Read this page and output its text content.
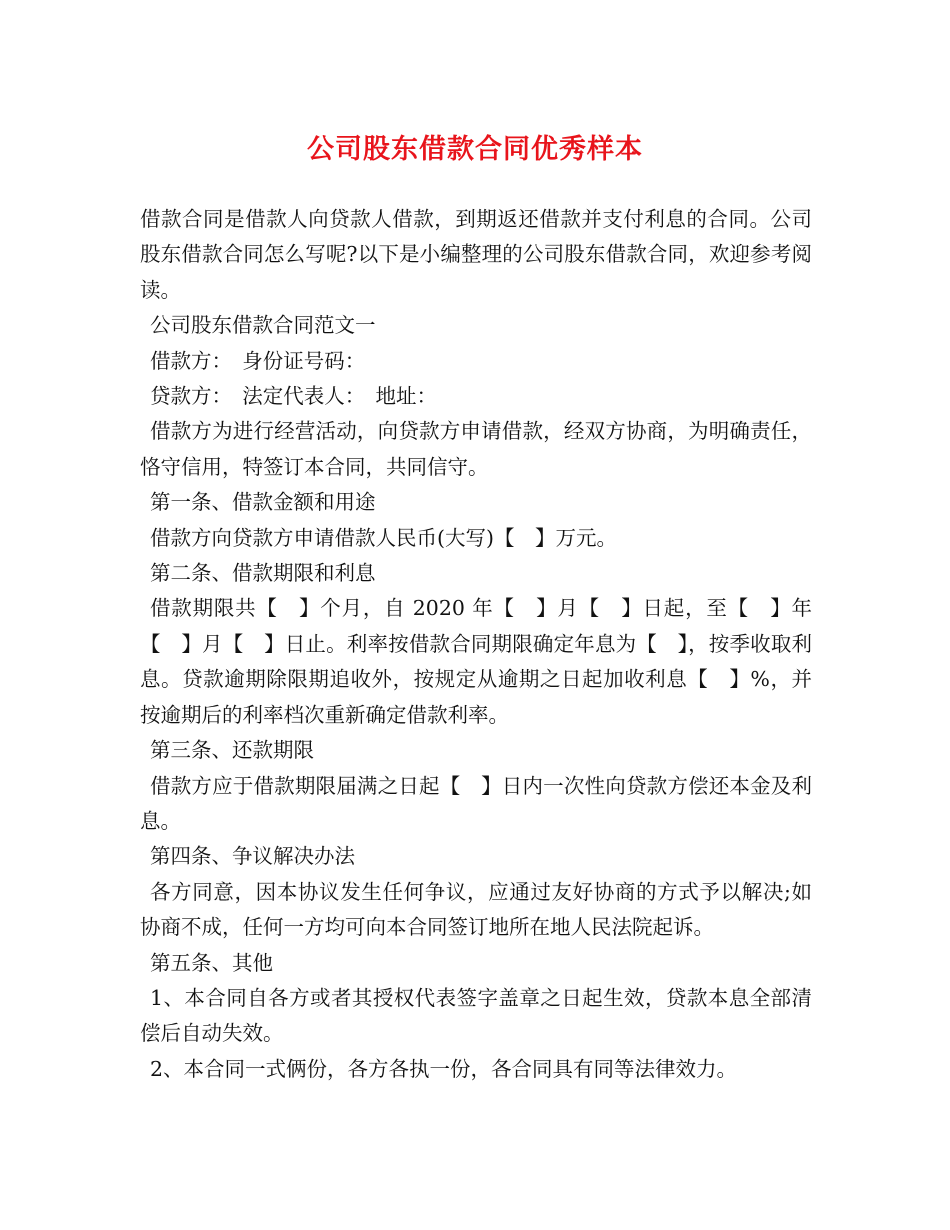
公司股东借款合同优秀样本

借款合同是借款人向贷款人借款，到期返还借款并支付利息的合同。公司股东借款合同怎么写呢?以下是小编整理的公司股东借款合同，欢迎参考阅读。

公司股东借款合同范文一

借款方：　身份证号码：

贷款方：　法定代表人：　地址：

借款方为进行经营活动，向贷款方申请借款，经双方协商，为明确责任，恪守信用，特签订本合同，共同信守。

第一条、借款金额和用途

借款方向贷款方申请借款人民币(大写)【　】万元。

第二条、借款期限和利息

借款期限共【　】个月，自 2020 年【　】月【　】日起，至【　】年【　】月【　】日止。利率按借款合同期限确定年息为【　】，按季收取利息。贷款逾期除限期追收外，按规定从逾期之日起加收利息【　】%，并按逾期后的利率档次重新确定借款利率。

第三条、还款期限

借款方应于借款期限届满之日起【　】日内一次性向贷款方偿还本金及利息。

第四条、争议解决办法

各方同意，因本协议发生任何争议，应通过友好协商的方式予以解决;如协商不成，任何一方均可向本合同签订地所在地人民法院起诉。

第五条、其他

1、本合同自各方或者其授权代表签字盖章之日起生效，贷款本息全部清偿后自动失效。

2、本合同一式俩份，各方各执一份，各合同具有同等法律效力。
